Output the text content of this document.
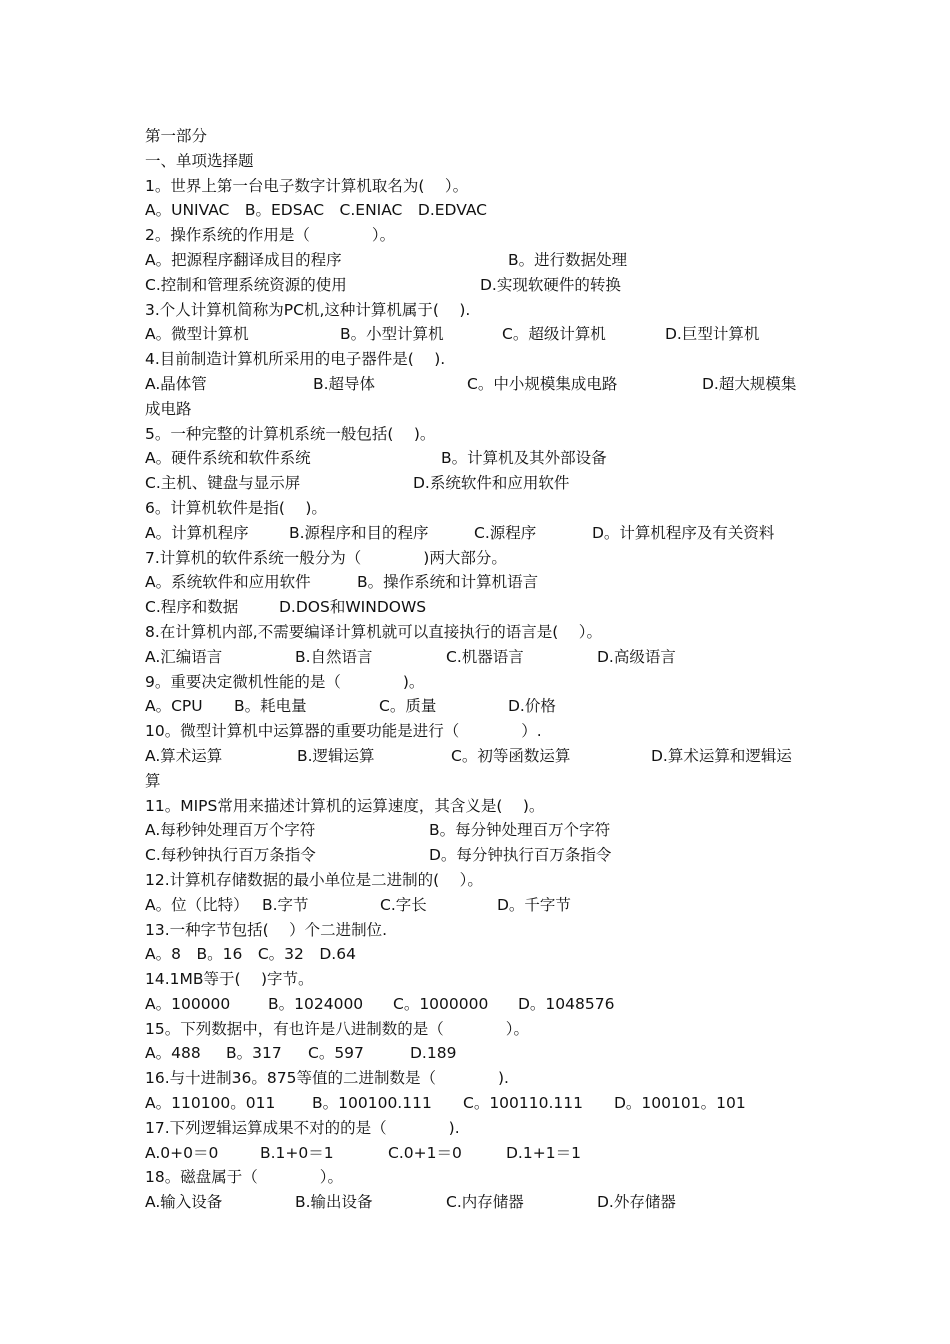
第一部分
一、单项选择题
1。世界上第一台电子数字计算机取名为(　 ）。
A。UNIVAC　B。EDSAC　C.ENIAC　D.EDVAC
2。操作系统的作用是（　　　　）。
A。把源程序翻译成目的程序	B。进行数据处理
C.控制和管理系统资源的使用	D.实现软硬件的转换
3.个人计算机简称为PC机,这种计算机属于(　 ).
A。微型计算机	B。小型计算机	C。超级计算机	D.巨型计算机
4.目前制造计算机所采用的电子器件是(　 ).
A.晶体管	B.超导体	C。中小规模集成电路	D.超大规模集
成电路
5。一种完整的计算机系统一般包括(　 )。
A。硬件系统和软件系统	B。计算机及其外部设备
C.主机、键盘与显示屏	D.系统软件和应用软件
6。计算机软件是指(　 )。
A。计算机程序	B.源程序和目的程序	C.源程序	D。计算机程序及有关资料
7.计算机的软件系统一般分为（　　　　)两大部分。
A。系统软件和应用软件	B。操作系统和计算机语言
C.程序和数据	D.DOS和WINDOWS
8.在计算机内部,不需要编译计算机就可以直接执行的语言是(　 ）。
A.汇编语言	B.自然语言	C.机器语言	D.高级语言
9。重要决定微机性能的是（　　　　)。
A。CPU B。耗电量	C。质量	D.价格
10。微型计算机中运算器的重要功能是进行（　　　　）.
A.算术运算	B.逻辑运算	C。初等函数运算	D.算术运算和逻辑运
算
11。MIPS常用来描述计算机的运算速度，其含义是(　 )。
A.每秒钟处理百万个字符	B。每分钟处理百万个字符
C.每秒钟执行百万条指令	D。每分钟执行百万条指令
12.计算机存储数据的最小单位是二进制的(　 ）。
A。位（比特） B.字节	C.字长	D。千字节
13.一种字节包括(　 ）个二进制位.
A。8　B。16　C。32　D.64
14.1MB等于(　 )字节。
A。100000 B。1024000 C。1000000 D。1048576
15。下列数据中，有也许是八进制数的是（　　　　）。
A。488 B。317 C。597	D.189
16.与十进制36。875等值的二进制数是（　　　　).
A。110100。011 B。100100.111 C。100110.111 D。100101。101
17.下列逻辑运算成果不对的的是（　　　　).
A.0+0＝0	B.1+0＝1	C.0+1＝0	D.1+1＝1
18。磁盘属于（　　　　）。
A.输入设备	B.输出设备	C.内存储器	D.外存储器
